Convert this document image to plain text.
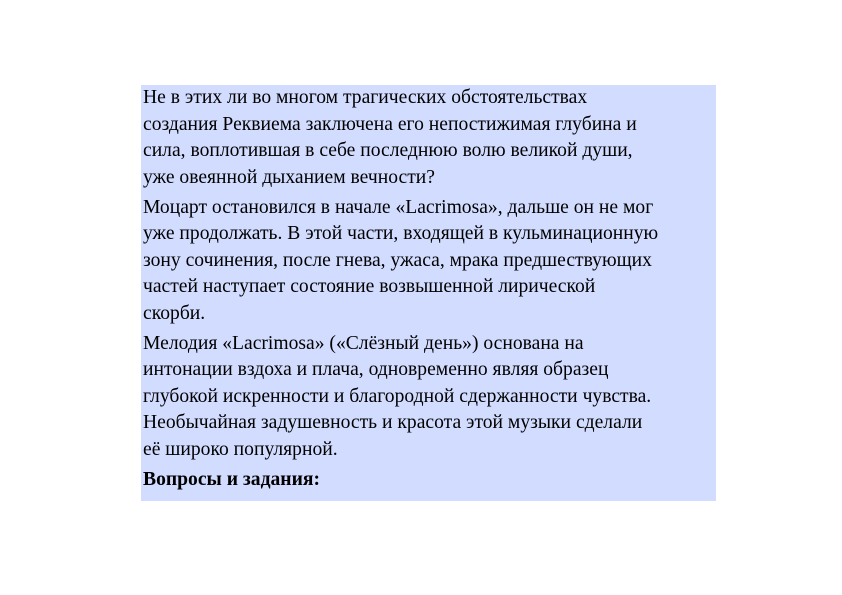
Не в этих ли во многом трагических обстоятельствах
создания Реквиема заключена его непостижимая глубина и
сила, воплотившая в себе последнюю волю великой души,
уже овеянной дыханием вечности?
Моцарт остановился в начале «Lacrimosa», дальше он не мог
уже продолжать. В этой части, входящей в кульминационную
зону сочинения, после гнева, ужаса, мрака предшествующих
частей наступает состояние возвышенной лирической
скорби.
Мелодия «Lacrimosa» («Слёзный день») основана на
интонации вздоха и плача, одновременно являя образец
глубокой искренности и благородной сдержанности чувства.
Необычайная задушевность и красота этой музыки сделали
её широко популярной.
Вопросы и задания:
